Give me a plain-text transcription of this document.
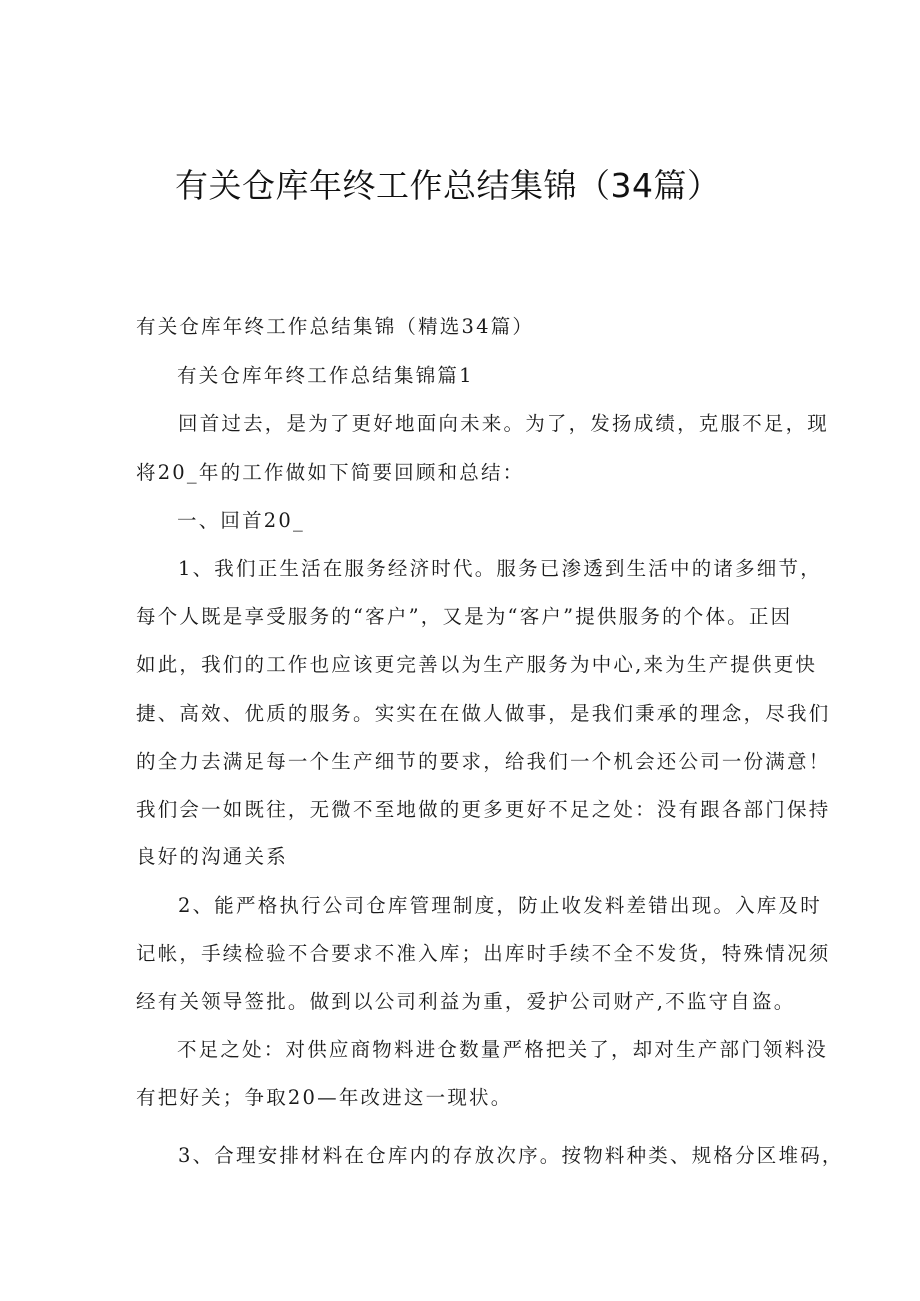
有关仓库年终工作总结集锦（34篇）
有关仓库年终工作总结集锦（精选34篇）
有关仓库年终工作总结集锦篇1
回首过去，是为了更好地面向未来。为了，发扬成绩，克服不足，现
将20_年的工作做如下简要回顾和总结：
一、回首20_
1、我们正生活在服务经济时代。服务已渗透到生活中的诸多细节，
每个人既是享受服务的“客户”，又是为“客户”提供服务的个体。正因
如此，我们的工作也应该更完善以为生产服务为中心,来为生产提供更快
捷、高效、优质的服务。实实在在做人做事，是我们秉承的理念，尽我们
的全力去满足每一个生产细节的要求，给我们一个机会还公司一份满意！
我们会一如既往，无微不至地做的更多更好不足之处：没有跟各部门保持
良好的沟通关系
2、能严格执行公司仓库管理制度，防止收发料差错出现。入库及时
记帐，手续检验不合要求不准入库；出库时手续不全不发货，特殊情况须
经有关领导签批。做到以公司利益为重，爱护公司财产,不监守自盗。
不足之处：对供应商物料进仓数量严格把关了，却对生产部门领料没
有把好关；争取20—年改进这一现状。
3、合理安排材料在仓库内的存放次序。按物料种类、规格分区堆码，
